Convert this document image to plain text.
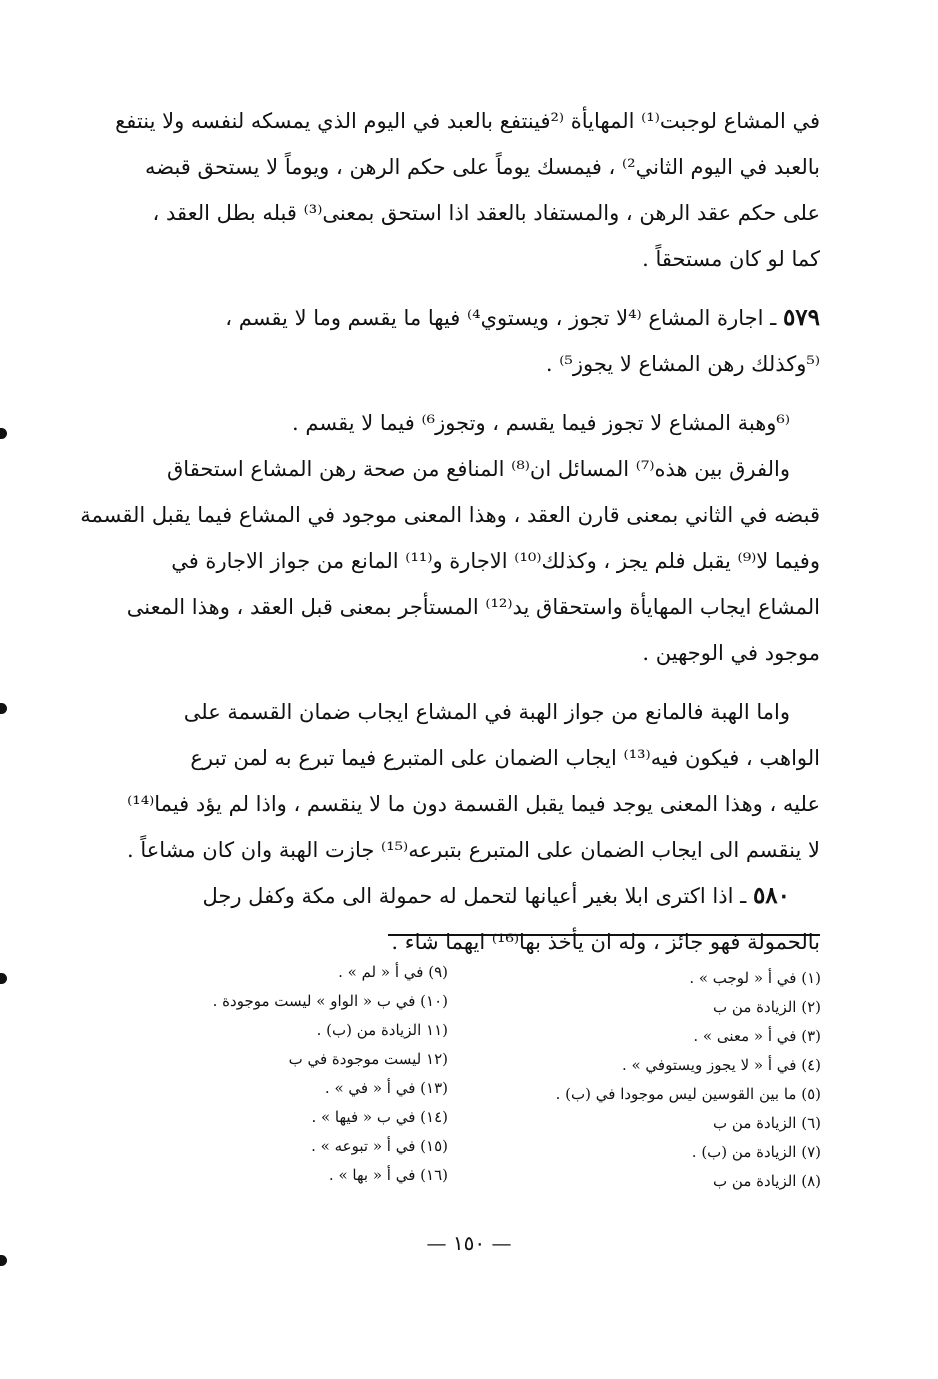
في المشاع لوجبت⁽¹⁾ المهايأة ⁽²فينتفع بالعبد في اليوم الذي يمسكه لنفسه ولا ينتفع
بالعبد في اليوم الثاني²⁾ ، فيمسك يوماً على حكم الرهن ، ويوماً لا يستحق قبضه
على حكم عقد الرهن ، والمستفاد بالعقد اذا استحق بمعنى⁽³⁾ قبله بطل العقد ،
كما لو كان مستحقاً .
٥٧٩ ـ اجارة المشاع ⁽⁴لا تجوز ، ويستوي⁴⁾ فيها ما يقسم وما لا يقسم ،
⁽⁵وكذلك رهن المشاع لا يجوز⁵⁾ .
⁽⁶وهبة المشاع لا تجوز فيما يقسم ، وتجوز⁶⁾ فيما لا يقسم .
والفرق بين هذه⁽⁷⁾ المسائل ان⁽⁸⁾ المنافع من صحة رهن المشاع استحقاق
قبضه في الثاني بمعنى قارن العقد ، وهذا المعنى موجود في المشاع فيما يقبل القسمة
وفيما لا⁽⁹⁾ يقبل فلم يجز ، وكذلك⁽¹⁰⁾ الاجارة و⁽¹¹⁾ المانع من جواز الاجارة في
المشاع ايجاب المهايأة واستحقاق يد⁽¹²⁾ المستأجر بمعنى قبل العقد ، وهذا المعنى
موجود في الوجهين .
واما الهبة فالمانع من جواز الهبة في المشاع ايجاب ضمان القسمة على
الواهب ، فيكون فيه⁽¹³⁾ ايجاب الضمان على المتبرع فيما تبرع به لمن تبرع
عليه ، وهذا المعنى يوجد فيما يقبل القسمة دون ما لا ينقسم ، واذا لم يؤد فيما⁽¹⁴⁾
لا ينقسم الى ايجاب الضمان على المتبرع بتبرعه⁽¹⁵⁾ جازت الهبة وان كان مشاعاً .
٥٨٠ ـ اذا اكترى ابلا بغير أعيانها لتحمل له حمولة الى مكة وكفل رجل
بالحمولة فهو جائز ، وله ان يأخذ بها⁽¹⁶⁾ ايهما شاء .
(١) في أ « لوجب » .
(٢) الزيادة من ب
(٣) في أ « معنى » .
(٤) في أ « لا يجوز ويستوفي » .
(٥) ما بين القوسين ليس موجودا في (ب) .
(٦) الزيادة من ب
(٧) الزيادة من (ب) .
(٨) الزيادة من ب
(٩) في أ « لم » .
(١٠) في ب « الواو » ليست موجودة .
(١١ الزيادة من (ب) .
(١٢ ليست موجودة في ب
(١٣) في أ « في » .
(١٤) في ب « فيها » .
(١٥) في أ « تبوعه » .
(١٦) في أ « بها » .
— ١٥٠ —
